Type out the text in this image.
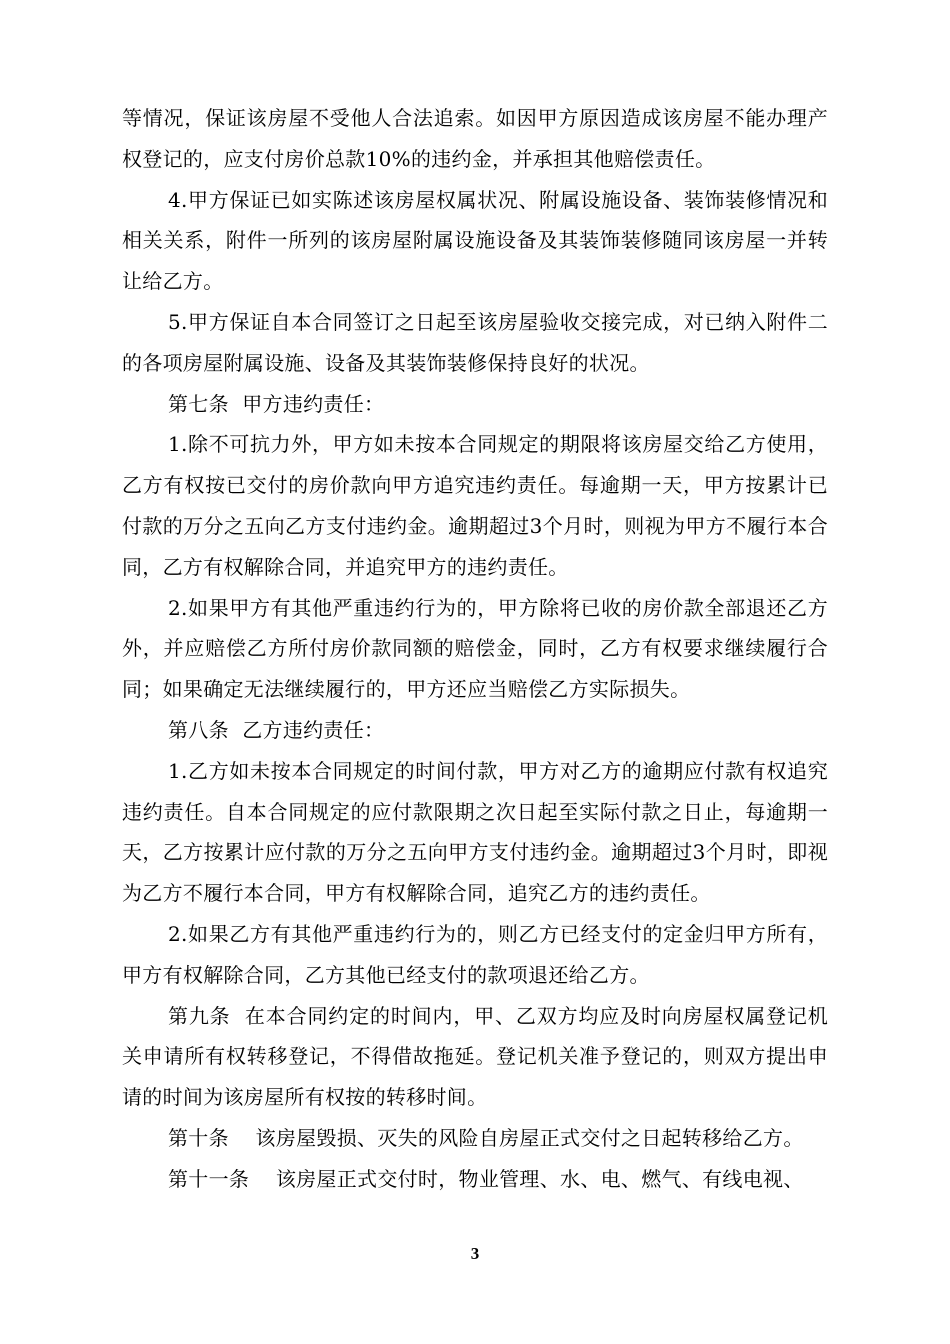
等情况，保证该房屋不受他人合法追索。如因甲方原因造成该房屋不能办理产权登记的，应支付房价总款10%的违约金，并承担其他赔偿责任。

4.甲方保证已如实陈述该房屋权属状况、附属设施设备、装饰装修情况和相关关系，附件一所列的该房屋附属设施设备及其装饰装修随同该房屋一并转让给乙方。

5.甲方保证自本合同签订之日起至该房屋验收交接完成，对已纳入附件二的各项房屋附属设施、设备及其装饰装修保持良好的状况。

第七条  甲方违约责任：

1.除不可抗力外，甲方如未按本合同规定的期限将该房屋交给乙方使用，乙方有权按已交付的房价款向甲方追究违约责任。每逾期一天，甲方按累计已付款的万分之五向乙方支付违约金。逾期超过3个月时，则视为甲方不履行本合同，乙方有权解除合同，并追究甲方的违约责任。

2.如果甲方有其他严重违约行为的，甲方除将已收的房价款全部退还乙方外，并应赔偿乙方所付房价款同额的赔偿金，同时，乙方有权要求继续履行合同；如果确定无法继续履行的，甲方还应当赔偿乙方实际损失。

第八条  乙方违约责任：

1.乙方如未按本合同规定的时间付款，甲方对乙方的逾期应付款有权追究违约责任。自本合同规定的应付款限期之次日起至实际付款之日止，每逾期一天，乙方按累计应付款的万分之五向甲方支付违约金。逾期超过3个月时，即视为乙方不履行本合同，甲方有权解除合同，追究乙方的违约责任。

2.如果乙方有其他严重违约行为的，则乙方已经支付的定金归甲方所有，甲方有权解除合同，乙方其他已经支付的款项退还给乙方。

第九条  在本合同约定的时间内，甲、乙双方均应及时向房屋权属登记机关申请所有权转移登记，不得借故拖延。登记机关准予登记的，则双方提出申请的时间为该房屋所有权按的转移时间。

第十条    该房屋毁损、灭失的风险自房屋正式交付之日起转移给乙方。

第十一条    该房屋正式交付时，物业管理、水、电、燃气、有线电视、

3
